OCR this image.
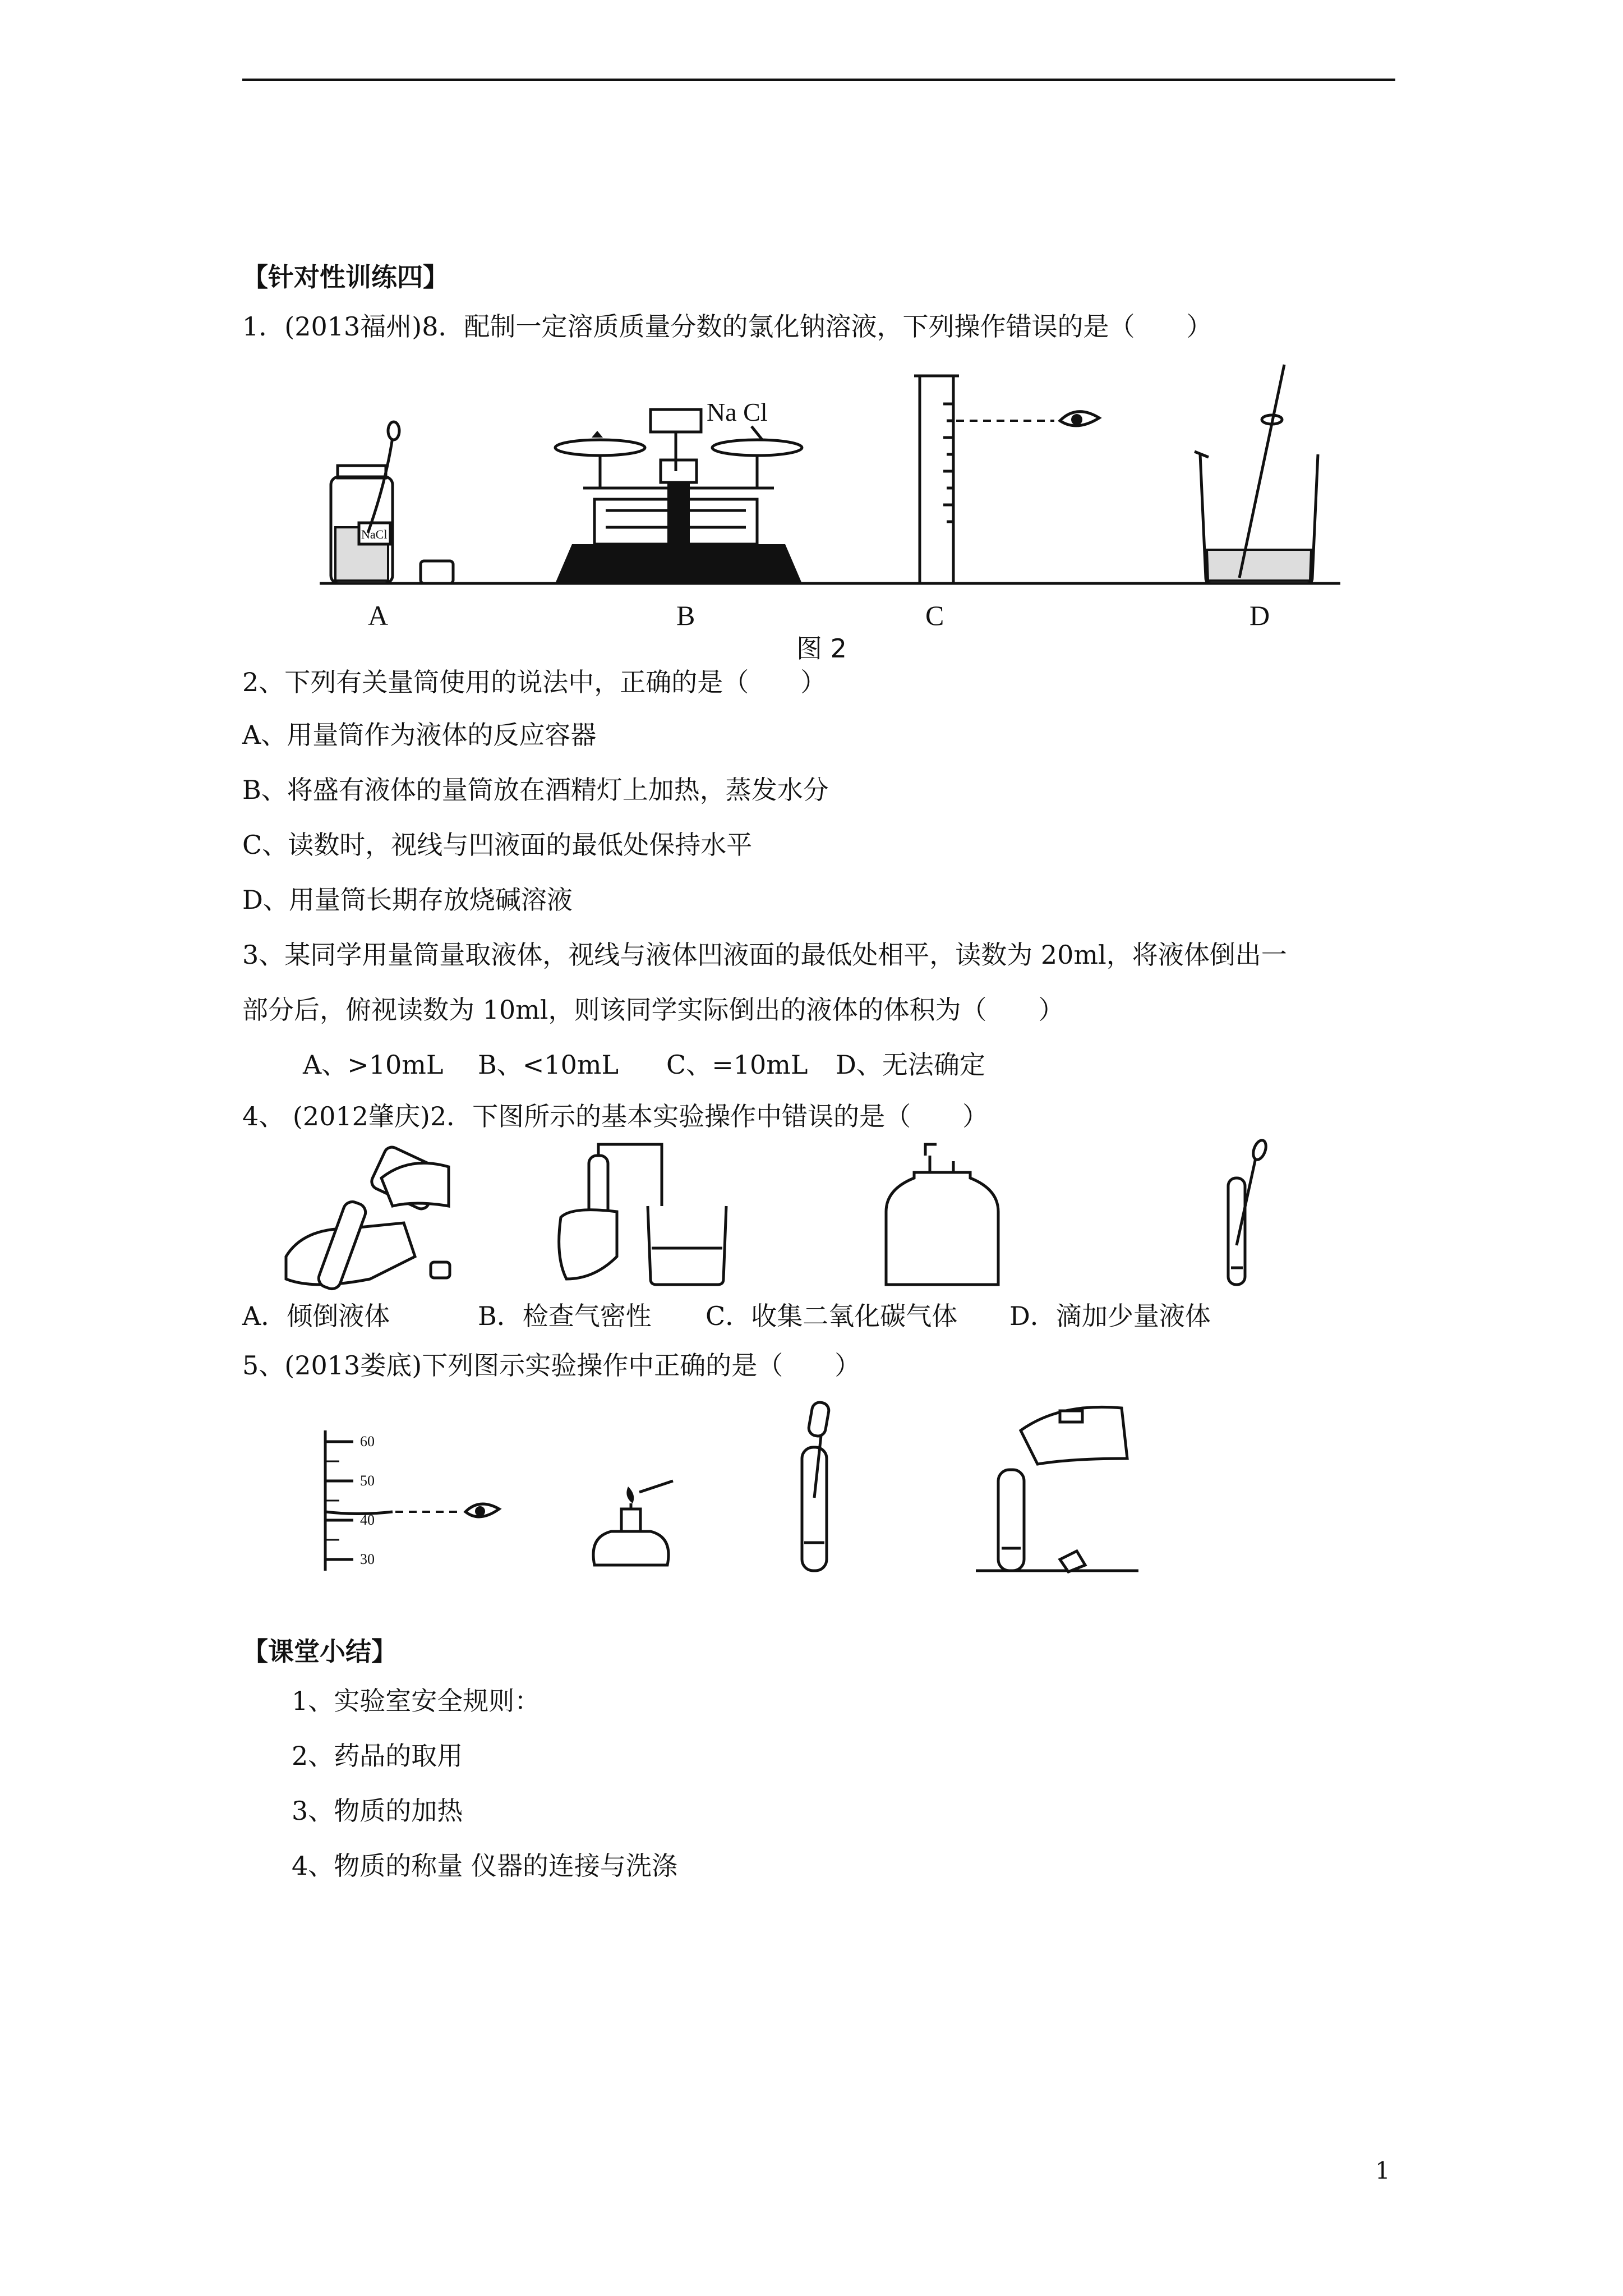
【针对性训练四】
1．(2013福州)8．配制一定溶质质量分数的氯化钠溶液，下列操作错误的是（　　）
NaCl
Na Cl
A	B	C	D
图 2
2、下列有关量筒使用的说法中，正确的是（　　）
A、用量筒作为液体的反应容器
B、将盛有液体的量筒放在酒精灯上加热，蒸发水分
C、读数时，视线与凹液面的最低处保持水平
D、用量筒长期存放烧碱溶液
3、某同学用量筒量取液体，视线与液体凹液面的最低处相平，读数为 20ml，将液体倒出一
部分后，俯视读数为 10ml，则该同学实际倒出的液体的体积为（　　）
A、>10mL B、<10mL C、=10mL D、无法确定
4、 (2012肇庆)2．下图所示的基本实验操作中错误的是（　　）
A．倾倒液体	B．检查气密性 C．收集二氧化碳气体 D．滴加少量液体
5、(2013娄底)下列图示实验操作中正确的是（　　）
60
50
40
30
【课堂小结】
1、实验室安全规则：
2、药品的取用
3、物质的加热
4、物质的称量 仪器的连接与洗涤
1
